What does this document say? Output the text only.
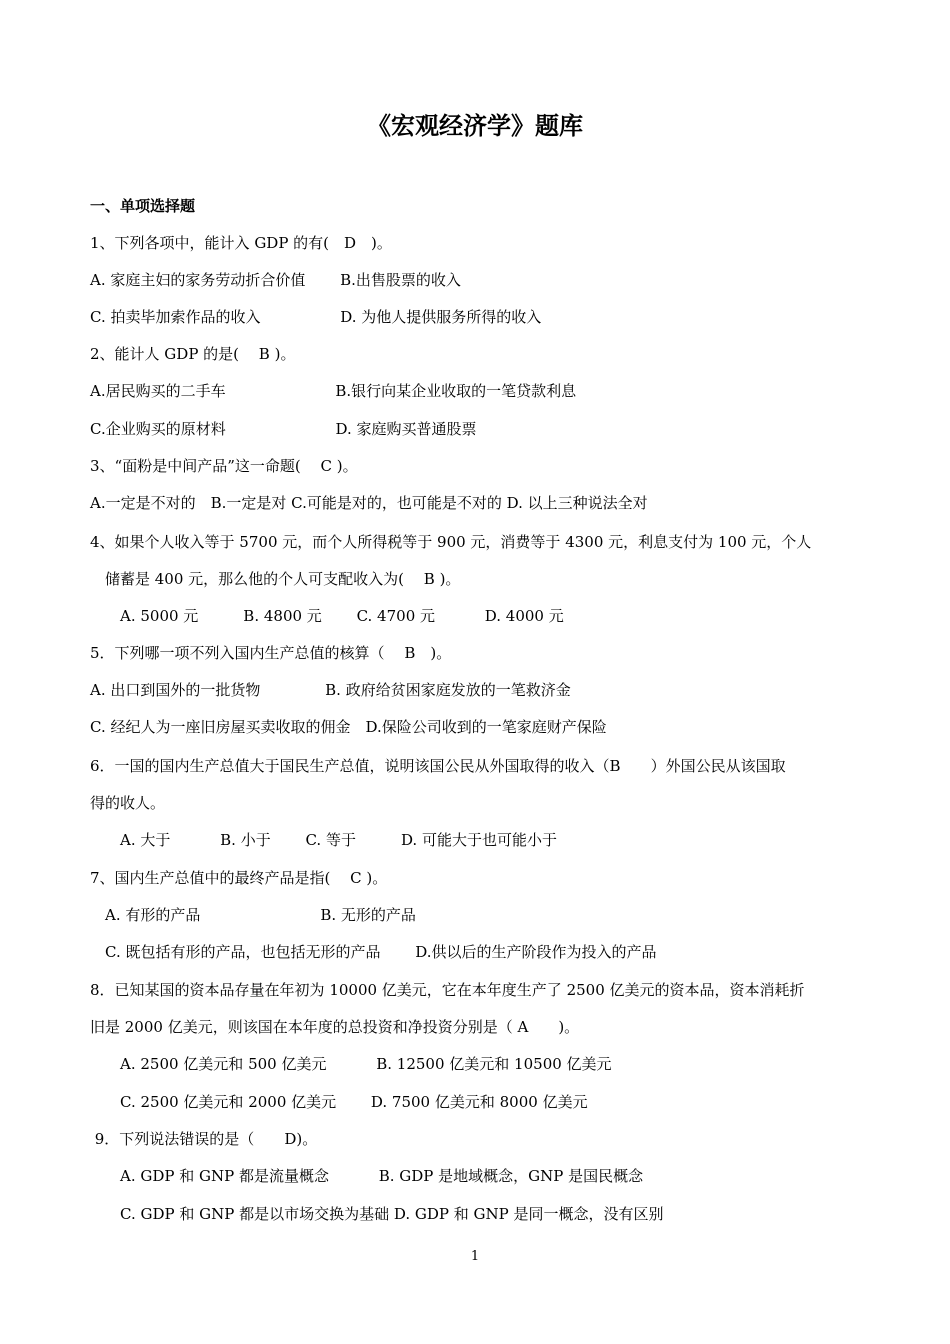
《宏观经济学》题库
一、单项选择题
1、下列各项中，能计入 GDP 的有(　D　)。
A. 家庭主妇的家务劳动折合价值　　 B.出售股票的收入
C. 拍卖毕加索作品的收入　　　　　 D. 为他人提供服务所得的收入
2、能计人 GDP 的是(　 B )。
A.居民购买的二手车　　　　　　　 B.银行向某企业收取的一笔贷款利息
C.企业购买的原材料　　　　　　　 D. 家庭购买普通股票
3、“面粉是中间产品”这一命题(　 C )。
A.一定是不对的　B.一定是对 C.可能是对的，也可能是不对的 D. 以上三种说法全对
4、如果个人收入等于 5700 元，而个人所得税等于 900 元，消费等于 4300 元，利息支付为 100 元，个人
　储蓄是 400 元，那么他的个人可支配收入为(　 B )。
　　A. 5000 元　　　B. 4800 元　　 C. 4700 元　　　 D. 4000 元
5．下列哪一项不列入国内生产总值的核算（　 B　)。
A. 出口到国外的一批货物　　　　 B. 政府给贫困家庭发放的一笔救济金
C. 经纪人为一座旧房屋买卖收取的佣金　D.保险公司收到的一笔家庭财产保险
6．一国的国内生产总值大于国民生产总值，说明该国公民从外国取得的收入（B　　）外国公民从该国取
得的收人。
　　A. 大于　　　 B. 小于　　 C. 等于　　　D. 可能大于也可能小于
7、国内生产总值中的最终产品是指(　 C )。
　A. 有形的产品　　　　　　　　B. 无形的产品
　C. 既包括有形的产品，也包括无形的产品　　 D.供以后的生产阶段作为投入的产品
8．已知某国的资本品存量在年初为 10000 亿美元，它在本年度生产了 2500 亿美元的资本品，资本消耗折
旧是 2000 亿美元，则该国在本年度的总投资和净投资分别是（ A　　)。
　　A. 2500 亿美元和 500 亿美元　　　 B. 12500 亿美元和 10500 亿美元
　　C. 2500 亿美元和 2000 亿美元　　 D. 7500 亿美元和 8000 亿美元
9．下列说法错误的是（　　D)。
　　A. GDP 和 GNP 都是流量概念　　　 B. GDP 是地域概念，GNP 是国民概念
　　C. GDP 和 GNP 都是以市场交换为基础 D. GDP 和 GNP 是同一概念，没有区别
1
